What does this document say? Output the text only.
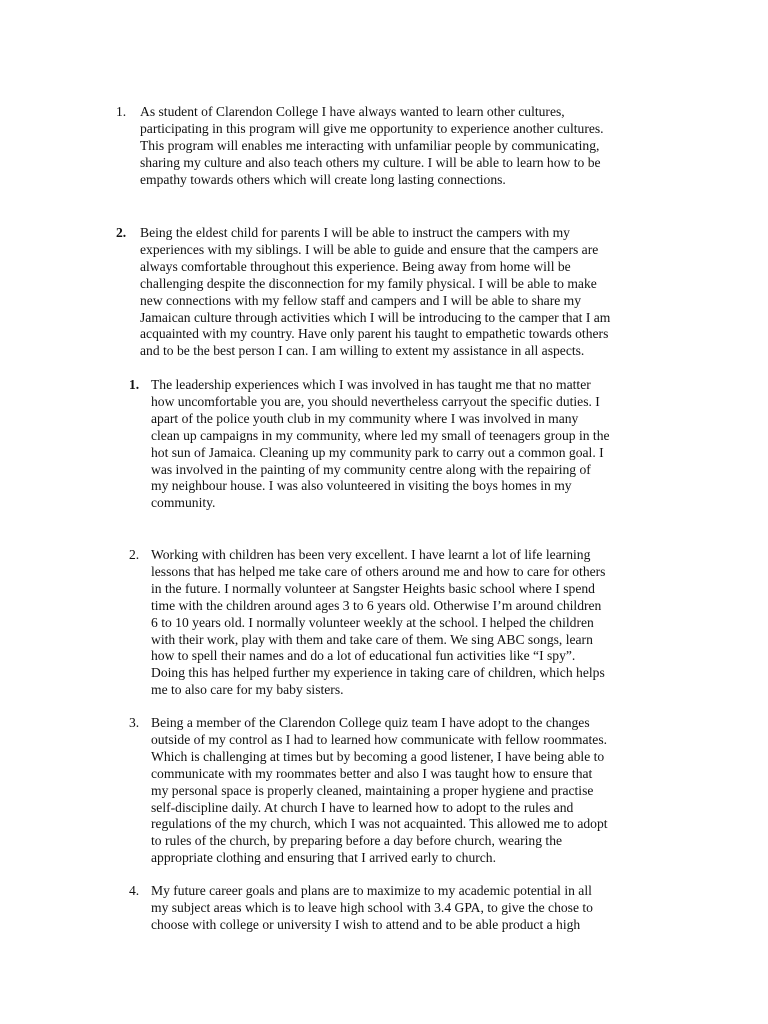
1. As student of Clarendon College I have always wanted to learn other cultures,
participating in this program will give me opportunity to experience another cultures.
This program will enables me interacting with unfamiliar people by communicating,
sharing my culture and also teach others my culture. I will be able to learn how to be
empathy towards others which will create long lasting connections.
2. Being the eldest child for parents I will be able to instruct the campers with my
experiences with my siblings. I will be able to guide and ensure that the campers are
always comfortable throughout this experience. Being away from home will be
challenging despite the disconnection for my family physical. I will be able to make
new connections with my fellow staff and campers and I will be able to share my
Jamaican culture through activities which I will be introducing to the camper that I am
acquainted with my country. Have only parent his taught to empathetic towards others
and to be the best person I can. I am willing to extent my assistance in all aspects.
1. The leadership experiences which I was involved in has taught me that no matter
how uncomfortable you are, you should nevertheless carryout the specific duties. I
apart of the police youth club in my community where I was involved in many
clean up campaigns in my community, where led my small of teenagers group in the
hot sun of Jamaica. Cleaning up my community park to carry out a common goal. I
was involved in the painting of my community centre along with the repairing of
my neighbour house. I was also volunteered in visiting the boys homes in my
community.
2. Working with children has been very excellent. I have learnt a lot of life learning
lessons that has helped me take care of others around me and how to care for others
in the future. I normally volunteer at Sangster Heights basic school where I spend
time with the children around ages 3 to 6 years old. Otherwise I’m around children
6 to 10 years old. I normally volunteer weekly at the school. I helped the children
with their work, play with them and take care of them. We sing ABC songs, learn
how to spell their names and do a lot of educational fun activities like “I spy”.
Doing this has helped further my experience in taking care of children, which helps
me to also care for my baby sisters.
3. Being a member of the Clarendon College quiz team I have adopt to the changes
outside of my control as I had to learned how communicate with fellow roommates.
Which is challenging at times but by becoming a good listener, I have being able to
communicate with my roommates better and also I was taught how to ensure that
my personal space is properly cleaned, maintaining a proper hygiene and practise
self-discipline daily. At church I have to learned how to adopt to the rules and
regulations of the my church, which I was not acquainted. This allowed me to adopt
to rules of the church, by preparing before a day before church, wearing the
appropriate clothing and ensuring that I arrived early to church.
4. My future career goals and plans are to maximize to my academic potential in all
my subject areas which is to leave high school with 3.4 GPA, to give the chose to
choose with college or university I wish to attend and to be able product a high
